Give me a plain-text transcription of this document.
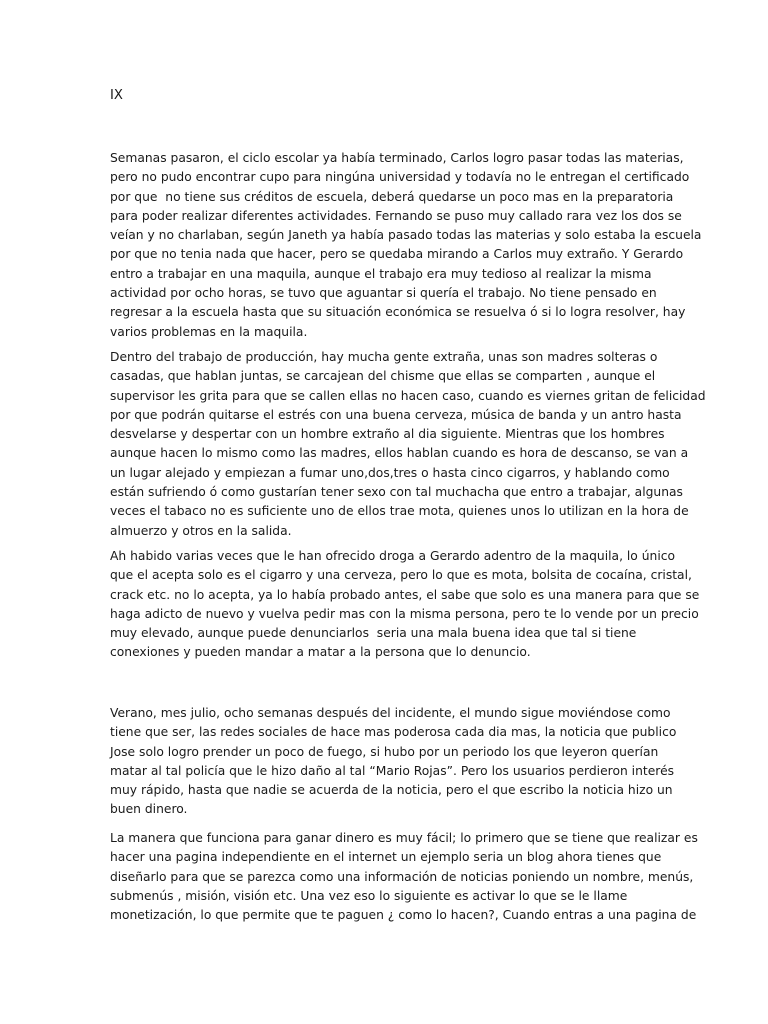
IX
Semanas pasaron, el ciclo escolar ya había terminado, Carlos logro pasar todas las materias,
pero no pudo encontrar cupo para ningúna universidad y todavía no le entregan el certificado
por que  no tiene sus créditos de escuela, deberá quedarse un poco mas en la preparatoria
para poder realizar diferentes actividades. Fernando se puso muy callado rara vez los dos se
veían y no charlaban, según Janeth ya había pasado todas las materias y solo estaba la escuela
por que no tenia nada que hacer, pero se quedaba mirando a Carlos muy extraño. Y Gerardo
entro a trabajar en una maquila, aunque el trabajo era muy tedioso al realizar la misma
actividad por ocho horas, se tuvo que aguantar si quería el trabajo. No tiene pensado en
regresar a la escuela hasta que su situación económica se resuelva ó si lo logra resolver, hay
varios problemas en la maquila.
Dentro del trabajo de producción, hay mucha gente extraña, unas son madres solteras o
casadas, que hablan juntas, se carcajean del chisme que ellas se comparten , aunque el
supervisor les grita para que se callen ellas no hacen caso, cuando es viernes gritan de felicidad
por que podrán quitarse el estrés con una buena cerveza, música de banda y un antro hasta
desvelarse y despertar con un hombre extraño al dia siguiente. Mientras que los hombres
aunque hacen lo mismo como las madres, ellos hablan cuando es hora de descanso, se van a
un lugar alejado y empiezan a fumar uno,dos,tres o hasta cinco cigarros, y hablando como
están sufriendo ó como gustarían tener sexo con tal muchacha que entro a trabajar, algunas
veces el tabaco no es suficiente uno de ellos trae mota, quienes unos lo utilizan en la hora de
almuerzo y otros en la salida.
Ah habido varias veces que le han ofrecido droga a Gerardo adentro de la maquila, lo único
que el acepta solo es el cigarro y una cerveza, pero lo que es mota, bolsita de cocaína, cristal,
crack etc. no lo acepta, ya lo había probado antes, el sabe que solo es una manera para que se
haga adicto de nuevo y vuelva pedir mas con la misma persona, pero te lo vende por un precio
muy elevado, aunque puede denunciarlos  seria una mala buena idea que tal si tiene
conexiones y pueden mandar a matar a la persona que lo denuncio.
Verano, mes julio, ocho semanas después del incidente, el mundo sigue moviéndose como
tiene que ser, las redes sociales de hace mas poderosa cada dia mas, la noticia que publico
Jose solo logro prender un poco de fuego, si hubo por un periodo los que leyeron querían
matar al tal policía que le hizo daño al tal “Mario Rojas”. Pero los usuarios perdieron interés
muy rápido, hasta que nadie se acuerda de la noticia, pero el que escribo la noticia hizo un
buen dinero.
La manera que funciona para ganar dinero es muy fácil; lo primero que se tiene que realizar es
hacer una pagina independiente en el internet un ejemplo seria un blog ahora tienes que
diseñarlo para que se parezca como una información de noticias poniendo un nombre, menús,
submenús , misión, visión etc. Una vez eso lo siguiente es activar lo que se le llame
monetización, lo que permite que te paguen ¿ como lo hacen?, Cuando entras a una pagina de
